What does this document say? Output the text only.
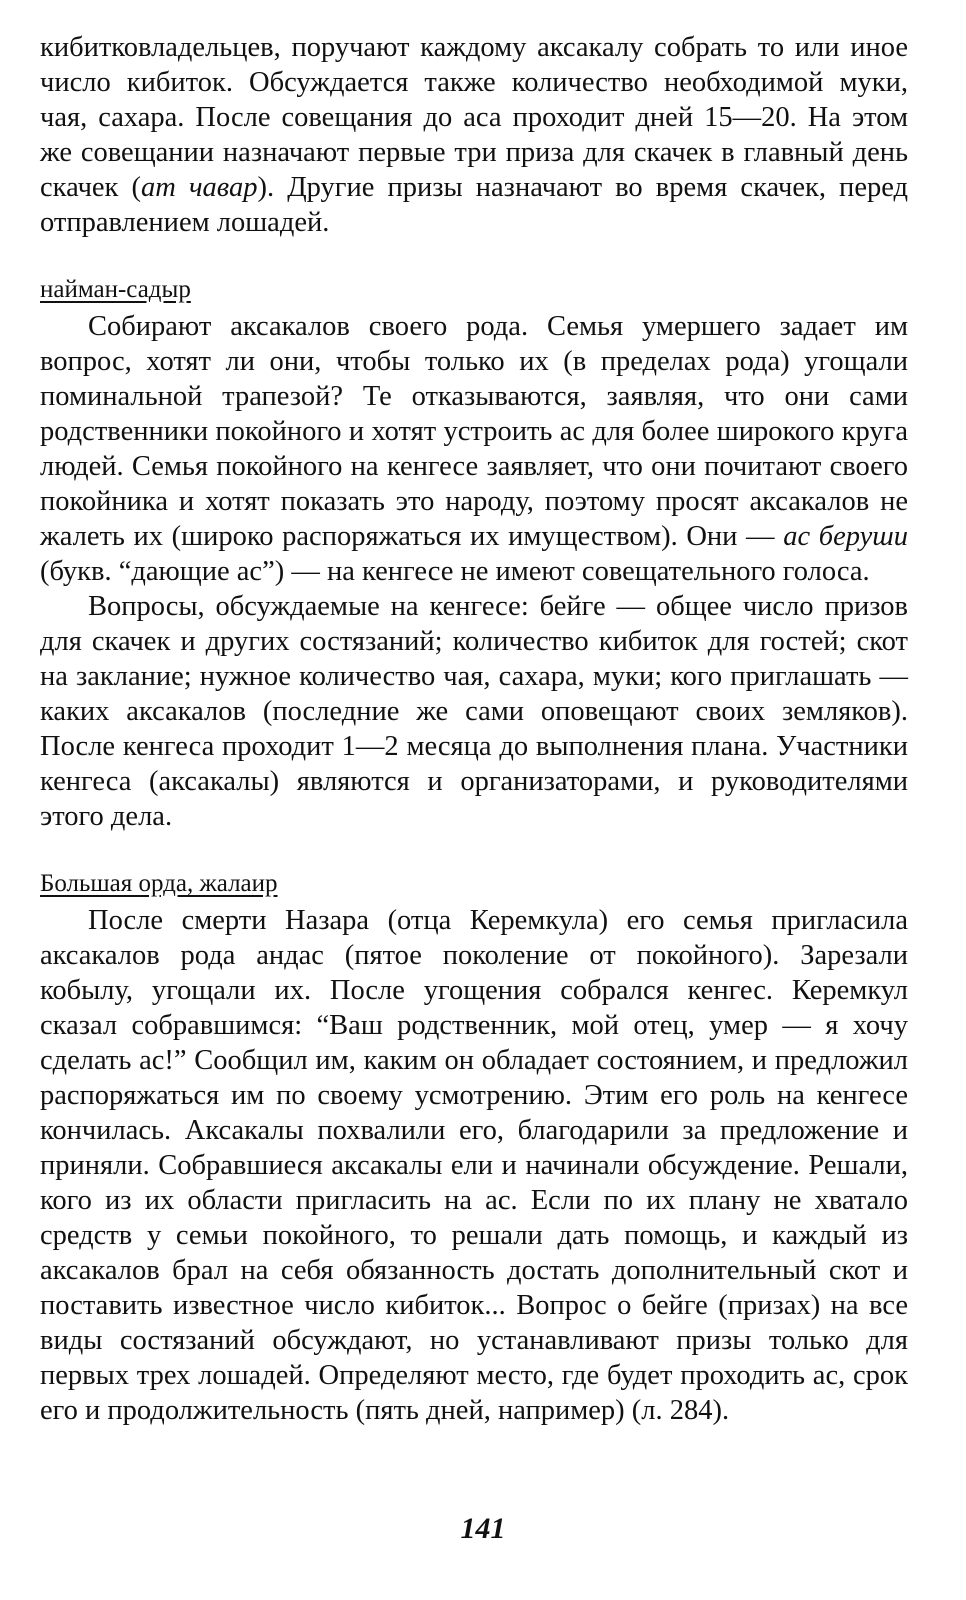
кибитковладельцев, поручают каждому аксакалу собрать то или иное число кибиток. Обсуждается также количество необходимой муки, чая, сахара. После совещания до аса проходит дней 15—20. На этом же совещании назначают первые три приза для скачек в главный день скачек (ат чавар). Другие призы назначают во время скачек, перед отправлением лошадей.

найман-садыр

Собирают аксакалов своего рода. Семья умершего задает им вопрос, хотят ли они, чтобы только их (в пределах рода) угощали поминальной трапезой? Те отказываются, заявляя, что они сами родственники покойного и хотят устроить ас для более широкого круга людей. Семья покойного на кенгесе заявляет, что они почитают своего покойника и хотят показать это народу, поэтому просят аксакалов не жалеть их (широко распоряжаться их имуществом). Они — ас беруши (букв. “дающие ас”) — на кенгесе не имеют совещательного голоса.

Вопросы, обсуждаемые на кенгесе: бейге — общее число призов для скачек и других состязаний; количество кибиток для гостей; скот на заклание; нужное количество чая, сахара, муки; кого приглашать — каких аксакалов (последние же сами оповещают своих земляков). После кенгеса проходит 1—2 месяца до выполнения плана. Участники кенгеса (аксакалы) являются и организаторами, и руководителями этого дела.

Большая орда, жалаир

После смерти Назара (отца Керемкула) его семья пригласила аксакалов рода андас (пятое поколение от покойного). Зарезали кобылу, угощали их. После угощения собрался кенгес. Керемкул сказал собравшимся: “Ваш родственник, мой отец, умер — я хочу сделать ас!” Сообщил им, каким он обладает состоянием, и предложил распоряжаться им по своему усмотрению. Этим его роль на кенгесе кончилась. Аксакалы похвалили его, благодарили за предложение и приняли. Собравшиеся аксакалы ели и начинали обсуждение. Решали, кого из их области пригласить на ас. Если по их плану не хватало средств у семьи покойного, то решали дать помощь, и каждый из аксакалов брал на себя обязанность достать дополнительный скот и поставить известное число кибиток... Вопрос о бейге (призах) на все виды состязаний обсуждают, но устанавливают призы только для первых трех лошадей. Определяют место, где будет проходить ас, срок его и продолжительность (пять дней, например) (л. 284).

141
